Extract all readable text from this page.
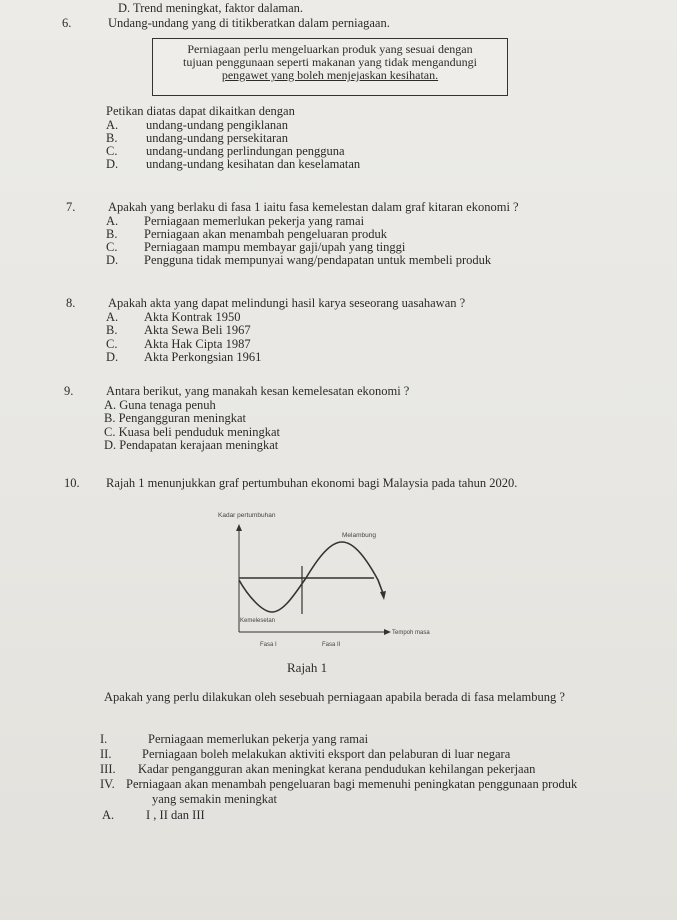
D. Trend meningkat, faktor dalaman.
6.	Undang-undang yang di titikberatkan dalam perniagaan.
Perniagaan perlu mengeluarkan produk yang sesuai dengan
tujuan penggunaan seperti makanan yang tidak mengandungi
pengawet yang boleh menjejaskan kesihatan.
Petikan diatas dapat dikaitkan dengan
A. undang-undang pengiklanan
B. undang-undang persekitaran
C. undang-undang perlindungan pengguna
D. undang-undang kesihatan dan keselamatan
7.	Apakah yang berlaku di fasa 1 iaitu fasa kemelestan dalam graf kitaran ekonomi ?
A. Perniagaan memerlukan pekerja yang ramai
B. Perniagaan akan menambah pengeluaran produk
C. Perniagaan mampu membayar gaji/upah yang tinggi
D. Pengguna tidak mempunyai wang/pendapatan untuk membeli produk
8.	Apakah akta yang dapat melindungi hasil karya seseorang uasahawan ?
A. Akta Kontrak 1950
B. Akta Sewa Beli 1967
C. Akta Hak Cipta 1987
D. Akta Perkongsian 1961
9.	Antara berikut, yang manakah kesan kemelesatan ekonomi ?
A. Guna tenaga penuh
B. Pengangguran meningkat
C. Kuasa beli penduduk meningkat
D. Pendapatan kerajaan meningkat
10. Rajah 1 menunjukkan graf pertumbuhan ekonomi bagi Malaysia pada tahun 2020.
Kadar pertumbuhan
Melambung
Kemelesetan
Tempoh masa
Fasa I	Fasa II
Rajah 1
Apakah yang perlu dilakukan oleh sesebuah perniagaan apabila berada di fasa melambung ?
I.	Perniagaan memerlukan pekerja yang ramai
II. Perniagaan boleh melakukan aktiviti eksport dan pelaburan di luar negara
III. Kadar pengangguran akan meningkat kerana pendudukan kehilangan pekerjaan
IV. Perniagaan akan menambah pengeluaran bagi memenuhi peningkatan penggunaan produk
yang semakin meningkat
A.	I , II dan III
